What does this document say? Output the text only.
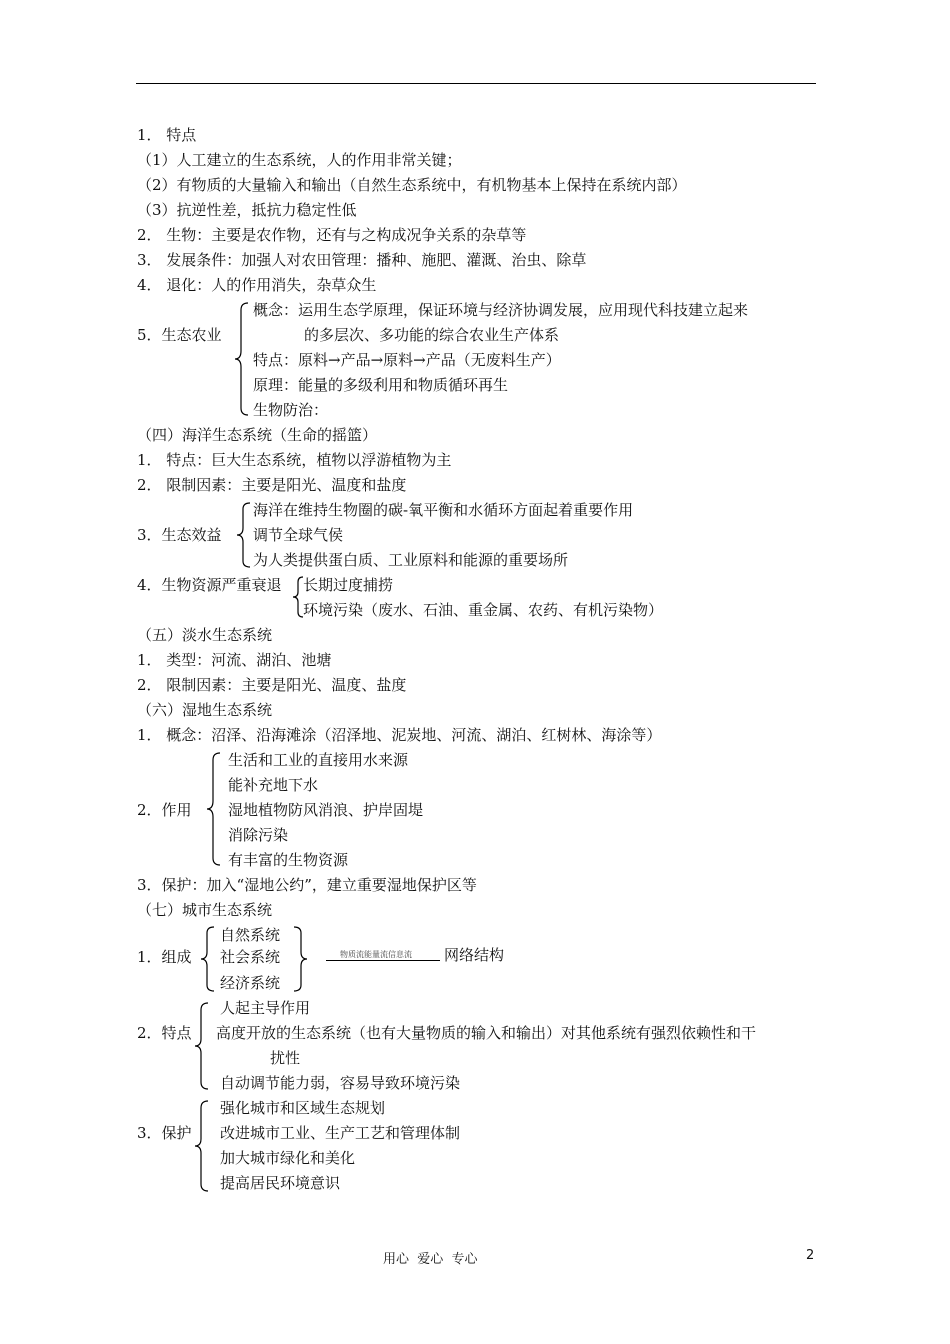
1． 特点
（1）人工建立的生态系统，人的作用非常关键；
（2）有物质的大量输入和输出（自然生态系统中，有机物基本上保持在系统内部）
（3）抗逆性差，抵抗力稳定性低
2． 生物：主要是农作物，还有与之构成况争关系的杂草等
3． 发展条件：加强人对农田管理：播种、施肥、灌溉、治虫、除草
4． 退化：人的作用消失，杂草众生
概念：运用生态学原理，保证环境与经济协调发展，应用现代科技建立起来
的多层次、多功能的综合农业生产体系
5．生态农业
特点：原料→产品→原料→产品（无废料生产）
原理：能量的多级利用和物质循环再生
生物防治：
（四）海洋生态系统（生命的摇篮）
1． 特点：巨大生态系统，植物以浮游植物为主
2． 限制因素：主要是阳光、温度和盐度
海洋在维持生物圈的碳-氧平衡和水循环方面起着重要作用
3．生态效益 调节全球气侯
为人类提供蛋白质、工业原料和能源的重要场所
4．生物资源严重衰退 长期过度捕捞
环境污染（废水、石油、重金属、农药、有机污染物）
（五）淡水生态系统
1． 类型：河流、湖泊、池塘
2． 限制因素：主要是阳光、温度、盐度
（六）湿地生态系统
1． 概念：沼泽、沿海滩涂（沼泽地、泥炭地、河流、湖泊、红树林、海涂等）
生活和工业的直接用水来源
能补充地下水
2．作用 湿地植物防风消浪、护岸固堤
消除污染
有丰富的生物资源
3．保护：加入“湿地公约”，建立重要湿地保护区等
（七）城市生态系统
自然系统
1．组成 社会系统	物质流能量流信息流 网络结构
经济系统
人起主导作用
2．特点 高度开放的生态系统（也有大量物质的输入和输出）对其他系统有强烈依赖性和干
扰性
自动调节能力弱，容易导致环境污染
强化城市和区域生态规划
3．保护 改进城市工业、生产工艺和管理体制
加大城市绿化和美化
提高居民环境意识
用心  爱心  专心	2
